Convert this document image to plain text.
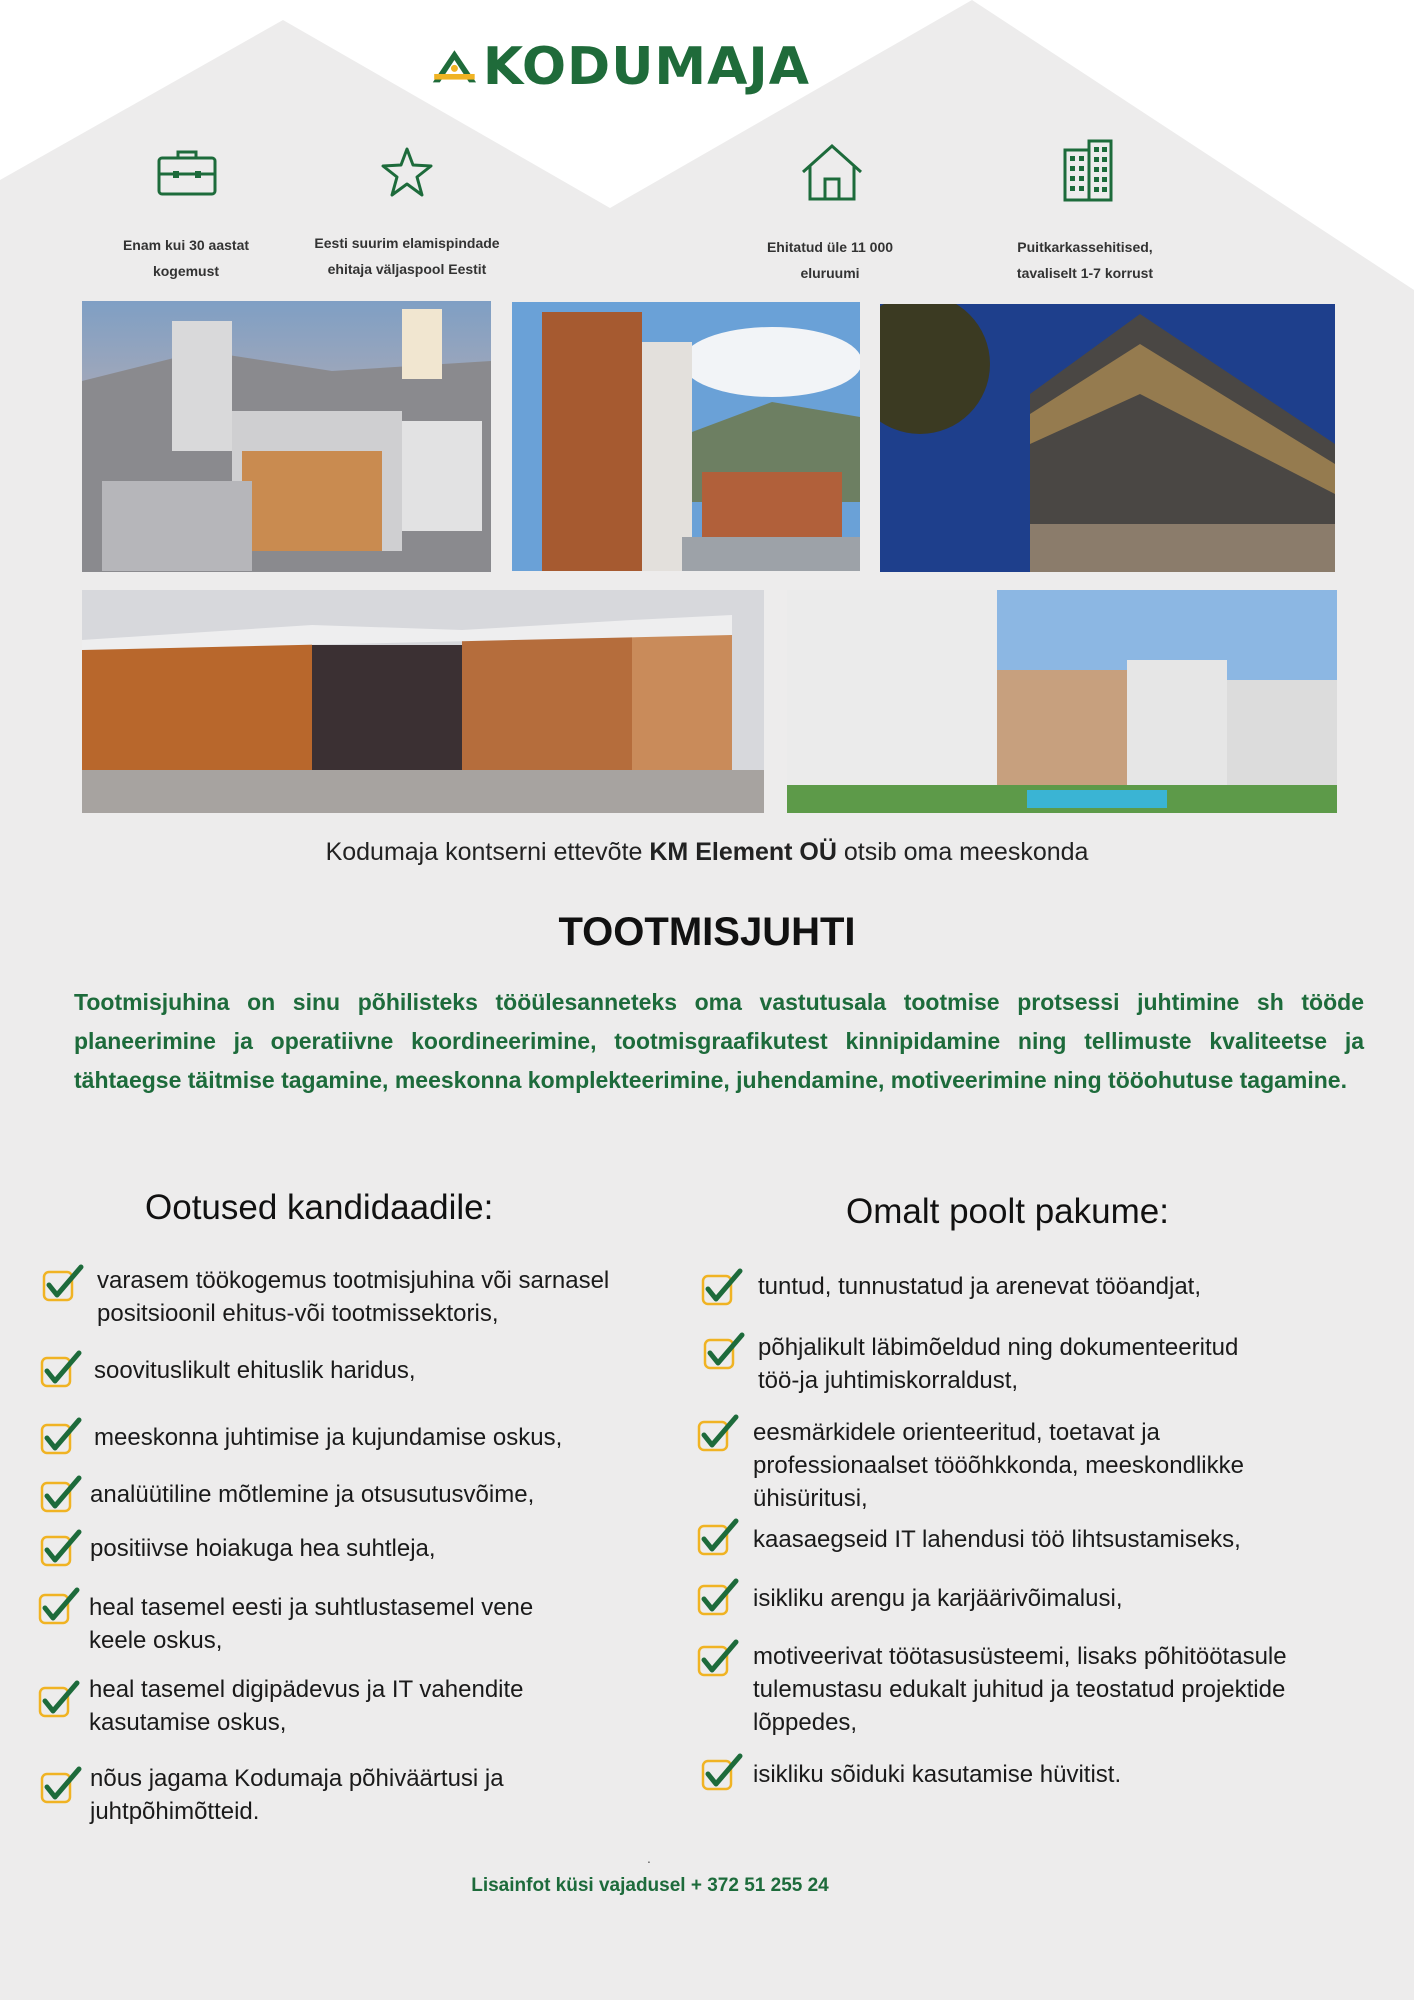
KODUMAJA
Enam kui 30 aastat
kogemust
Eesti suurim elamispindade
ehitaja väljaspool Eestit
Ehitatud üle 11 000
eluruumi
Puitkarkassehitised,
tavaliselt 1-7 korrust
Kodumaja kontserni ettevõte KM Element OÜ otsib oma meeskonda
TOOTMISJUHTI
Tootmisjuhina on sinu põhilisteks tööülesanneteks oma vastutusala tootmise protsessi juhtimine sh tööde planeerimine ja operatiivne koordineerimine, tootmisgraafikutest kinnipidamine ning tellimuste kvaliteetse ja tähtaegse täitmise tagamine, meeskonna komplekteerimine, juhendamine, motiveerimine ning tööohutuse tagamine.
Ootused kandidaadile:	Omalt poolt pakume:
varasem töökogemus tootmisjuhina või sarnasel
positsioonil ehitus-või tootmissektoris,
soovituslikult ehituslik haridus,
meeskonna juhtimise ja kujundamise oskus,
analüütiline mõtlemine ja otsusutusvõime,
positiivse hoiakuga hea suhtleja,
heal tasemel eesti ja suhtlustasemel vene
keele oskus,
heal tasemel digipädevus ja IT vahendite
kasutamise oskus,
nõus jagama Kodumaja põhiväärtusi ja
juhtpõhimõtteid.
tuntud, tunnustatud ja arenevat tööandjat,
põhjalikult läbimõeldud ning dokumenteeritud
töö-ja juhtimiskorraldust,
eesmärkidele orienteeritud, toetavat ja
professionaalset tööõhkkonda, meeskondlikke
ühisüritusi,
kaasaegseid IT lahendusi töö lihtsustamiseks,
isikliku arengu ja karjäärivõimalusi,
motiveerivat töötasusüsteemi, lisaks põhitöötasule
tulemustasu edukalt juhitud ja teostatud projektide
lõppedes,
isikliku sõiduki kasutamise hüvitist.
.
Lisainfot küsi vajadusel + 372 51 255 24
